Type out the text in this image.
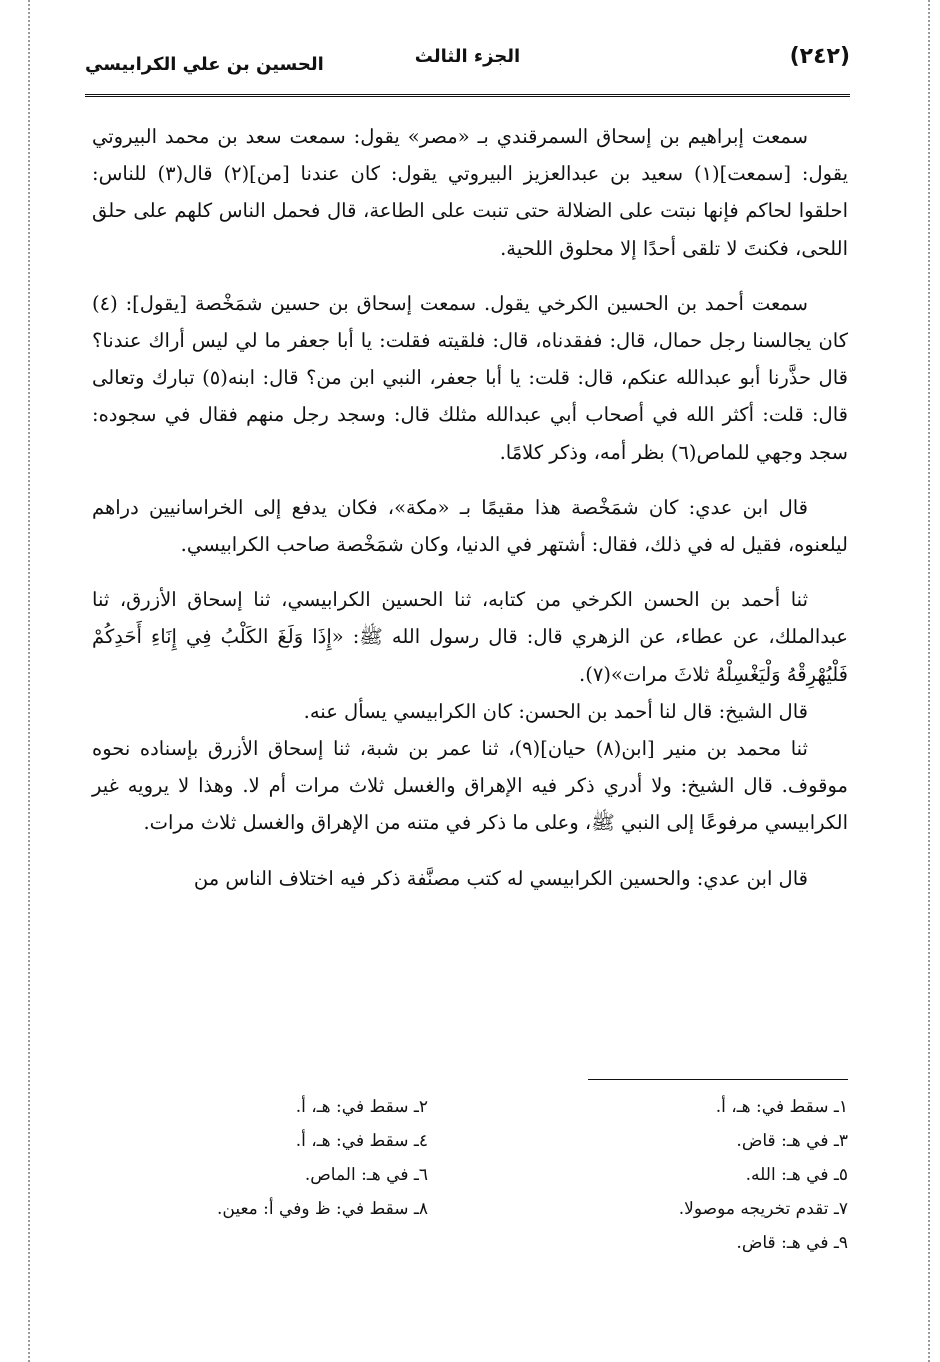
(٢٤٢)
الجزء الثالث
الحسين بن علي الكرابيسي

سمعت إبراهيم بن إسحاق السمرقندي بـ «مصر» يقول: سمعت سعد بن محمد البيروتي يقول: [سمعت](١) سعيد بن عبدالعزيز البيروتي يقول: كان عندنا [من](٢) قال(٣) للناس: احلقوا لحاكم فإنها نبتت على الضلالة حتى تنبت على الطاعة، قال فحمل الناس كلهم على حلق اللحى، فكنتَ لا تلقى أحدًا إلا محلوق اللحية.

سمعت أحمد بن الحسين الكرخي يقول. سمعت إسحاق بن حسين شمَخْصة [يقول]: (٤) كان يجالسنا رجل حمال، قال: ففقدناه، قال: فلقيته فقلت: يا أبا جعفر ما لي ليس أراك عندنا؟ قال حذَّرنا أبو عبدالله عنكم، قال: قلت: يا أبا جعفر، النبي ابن من؟ قال: ابنه(٥) تبارك وتعالى قال: قلت: أكثر الله في أصحاب أبي عبدالله مثلك قال: وسجد رجل منهم فقال في سجوده: سجد وجهي للماص(٦) بظر أمه، وذكر كلامًا.

قال ابن عدي: كان شمَخْصة هذا مقيمًا بـ «مكة»، فكان يدفع إلى الخراسانيين دراهم ليلعنوه، فقيل له في ذلك، فقال: أشتهر في الدنيا، وكان شمَخْصة صاحب الكرابيسي.

ثنا أحمد بن الحسن الكرخي من كتابه، ثنا الحسين الكرابيسي، ثنا إسحاق الأزرق، ثنا عبدالملك، عن عطاء، عن الزهري قال: قال رسول الله ﷺ: «إِذَا وَلَغَ الكَلْبُ فِي إِنَاءِ أَحَدِكُمْ فَلْيُهْرِقْهُ وَلْيَغْسِلْهُ ثلاثَ مرات»(٧).

قال الشيخ: قال لنا أحمد بن الحسن: كان الكرابيسي يسأل عنه.

ثنا محمد بن منير [ابن(٨) حيان](٩)، ثنا عمر بن شبة، ثنا إسحاق الأزرق بإسناده نحوه موقوف. قال الشيخ: ولا أدري ذكر فيه الإهراق والغسل ثلاث مرات أم لا. وهذا لا يرويه غير الكرابيسي مرفوعًا إلى النبي ﷺ، وعلى ما ذكر في متنه من الإهراق والغسل ثلاث مرات.

قال ابن عدي: والحسين الكرابيسي له كتب مصنَّفة ذكر فيه اختلاف الناس من

١ـ سقط في: هـ، أ.
٣ـ في هـ: قاض.
٥ـ في هـ: الله.
٧ـ تقدم تخريجه موصولا.
٩ـ في هـ: قاض.
٢ـ سقط في: هـ، أ.
٤ـ سقط في: هـ، أ.
٦ـ في هـ: الماص.
٨ـ سقط في: ظ وفي أ: معين.
